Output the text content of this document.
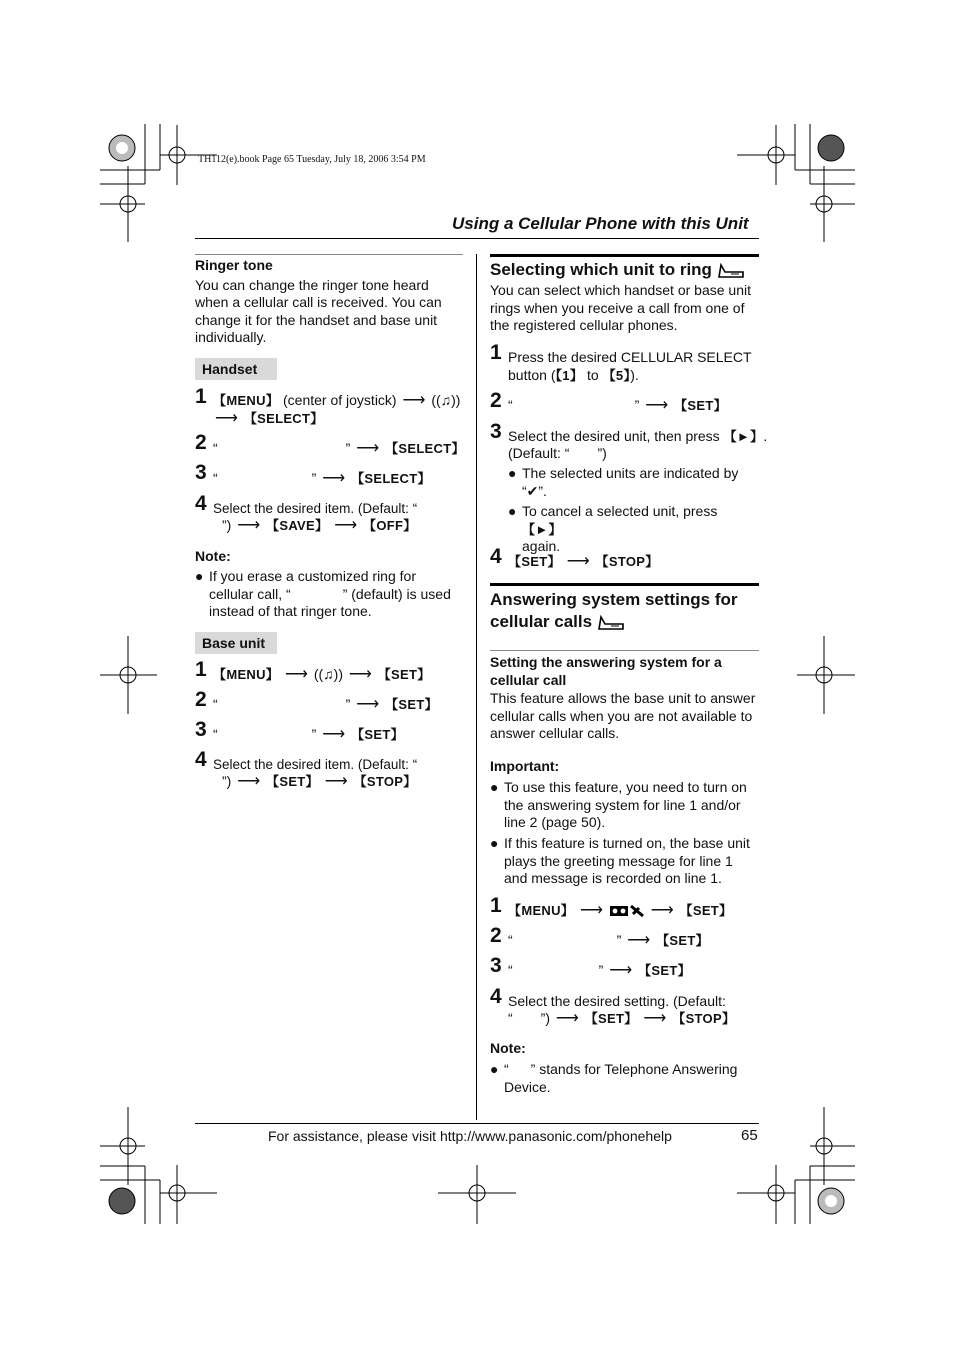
TH112(e).book Page 65 Tuesday, July 18, 2006 3:54 PM
Using a Cellular Phone with this Unit
Ringer tone
You can change the ringer tone heard
when a cellular call is received. You can
change it for the handset and base unit
individually.
Handset
1 【MENU】 (center of joystick) ⟶ ((♫))
⟶ 【SELECT】
2 “	” ⟶ 【SELECT】
3 “	” ⟶ 【SELECT】
4 Select the desired item. (Default: “
”) ⟶ 【SAVE】 ⟶ 【OFF】
Note:
● If you erase a customized ring for
cellular call, “	” (default) is used
instead of that ringer tone.
Base unit
1 【MENU】 ⟶ ((♫)) ⟶ 【SET】
2 “	” ⟶ 【SET】
3 “	” ⟶ 【SET】
4 Select the desired item. (Default: “
”) ⟶ 【SET】 ⟶ 【STOP】
Selecting which unit to ring
You can select which handset or base unit
rings when you receive a call from one of
the registered cellular phones.
1 Press the desired CELLULAR SELECT
button (【1】 to 【5】).
2 “	” ⟶ 【SET】
3 Select the desired unit, then press 【►】.
(Default: “ ”)
● The selected units are indicated by
“✔”.
● To cancel a selected unit, press 【►】
again.
4 【SET】 ⟶ 【STOP】
Answering system settings for
cellular calls
Setting the answering system for a
cellular call
This feature allows the base unit to answer
cellular calls when you are not available to
answer cellular calls.
Important:
● To use this feature, you need to turn on
the answering system for line 1 and/or
line 2 (page 50).
● If this feature is turned on, the base unit
plays the greeting message for line 1
and message is recorded on line 1.
1 【MENU】 ⟶	⟶ 【SET】
2 “	” ⟶ 【SET】
3 “	” ⟶ 【SET】
4 Select the desired setting. (Default:
“ ”) ⟶ 【SET】 ⟶ 【STOP】
Note:
● “ ” stands for Telephone Answering
Device.
For assistance, please visit http://www.panasonic.com/phonehelp	65
